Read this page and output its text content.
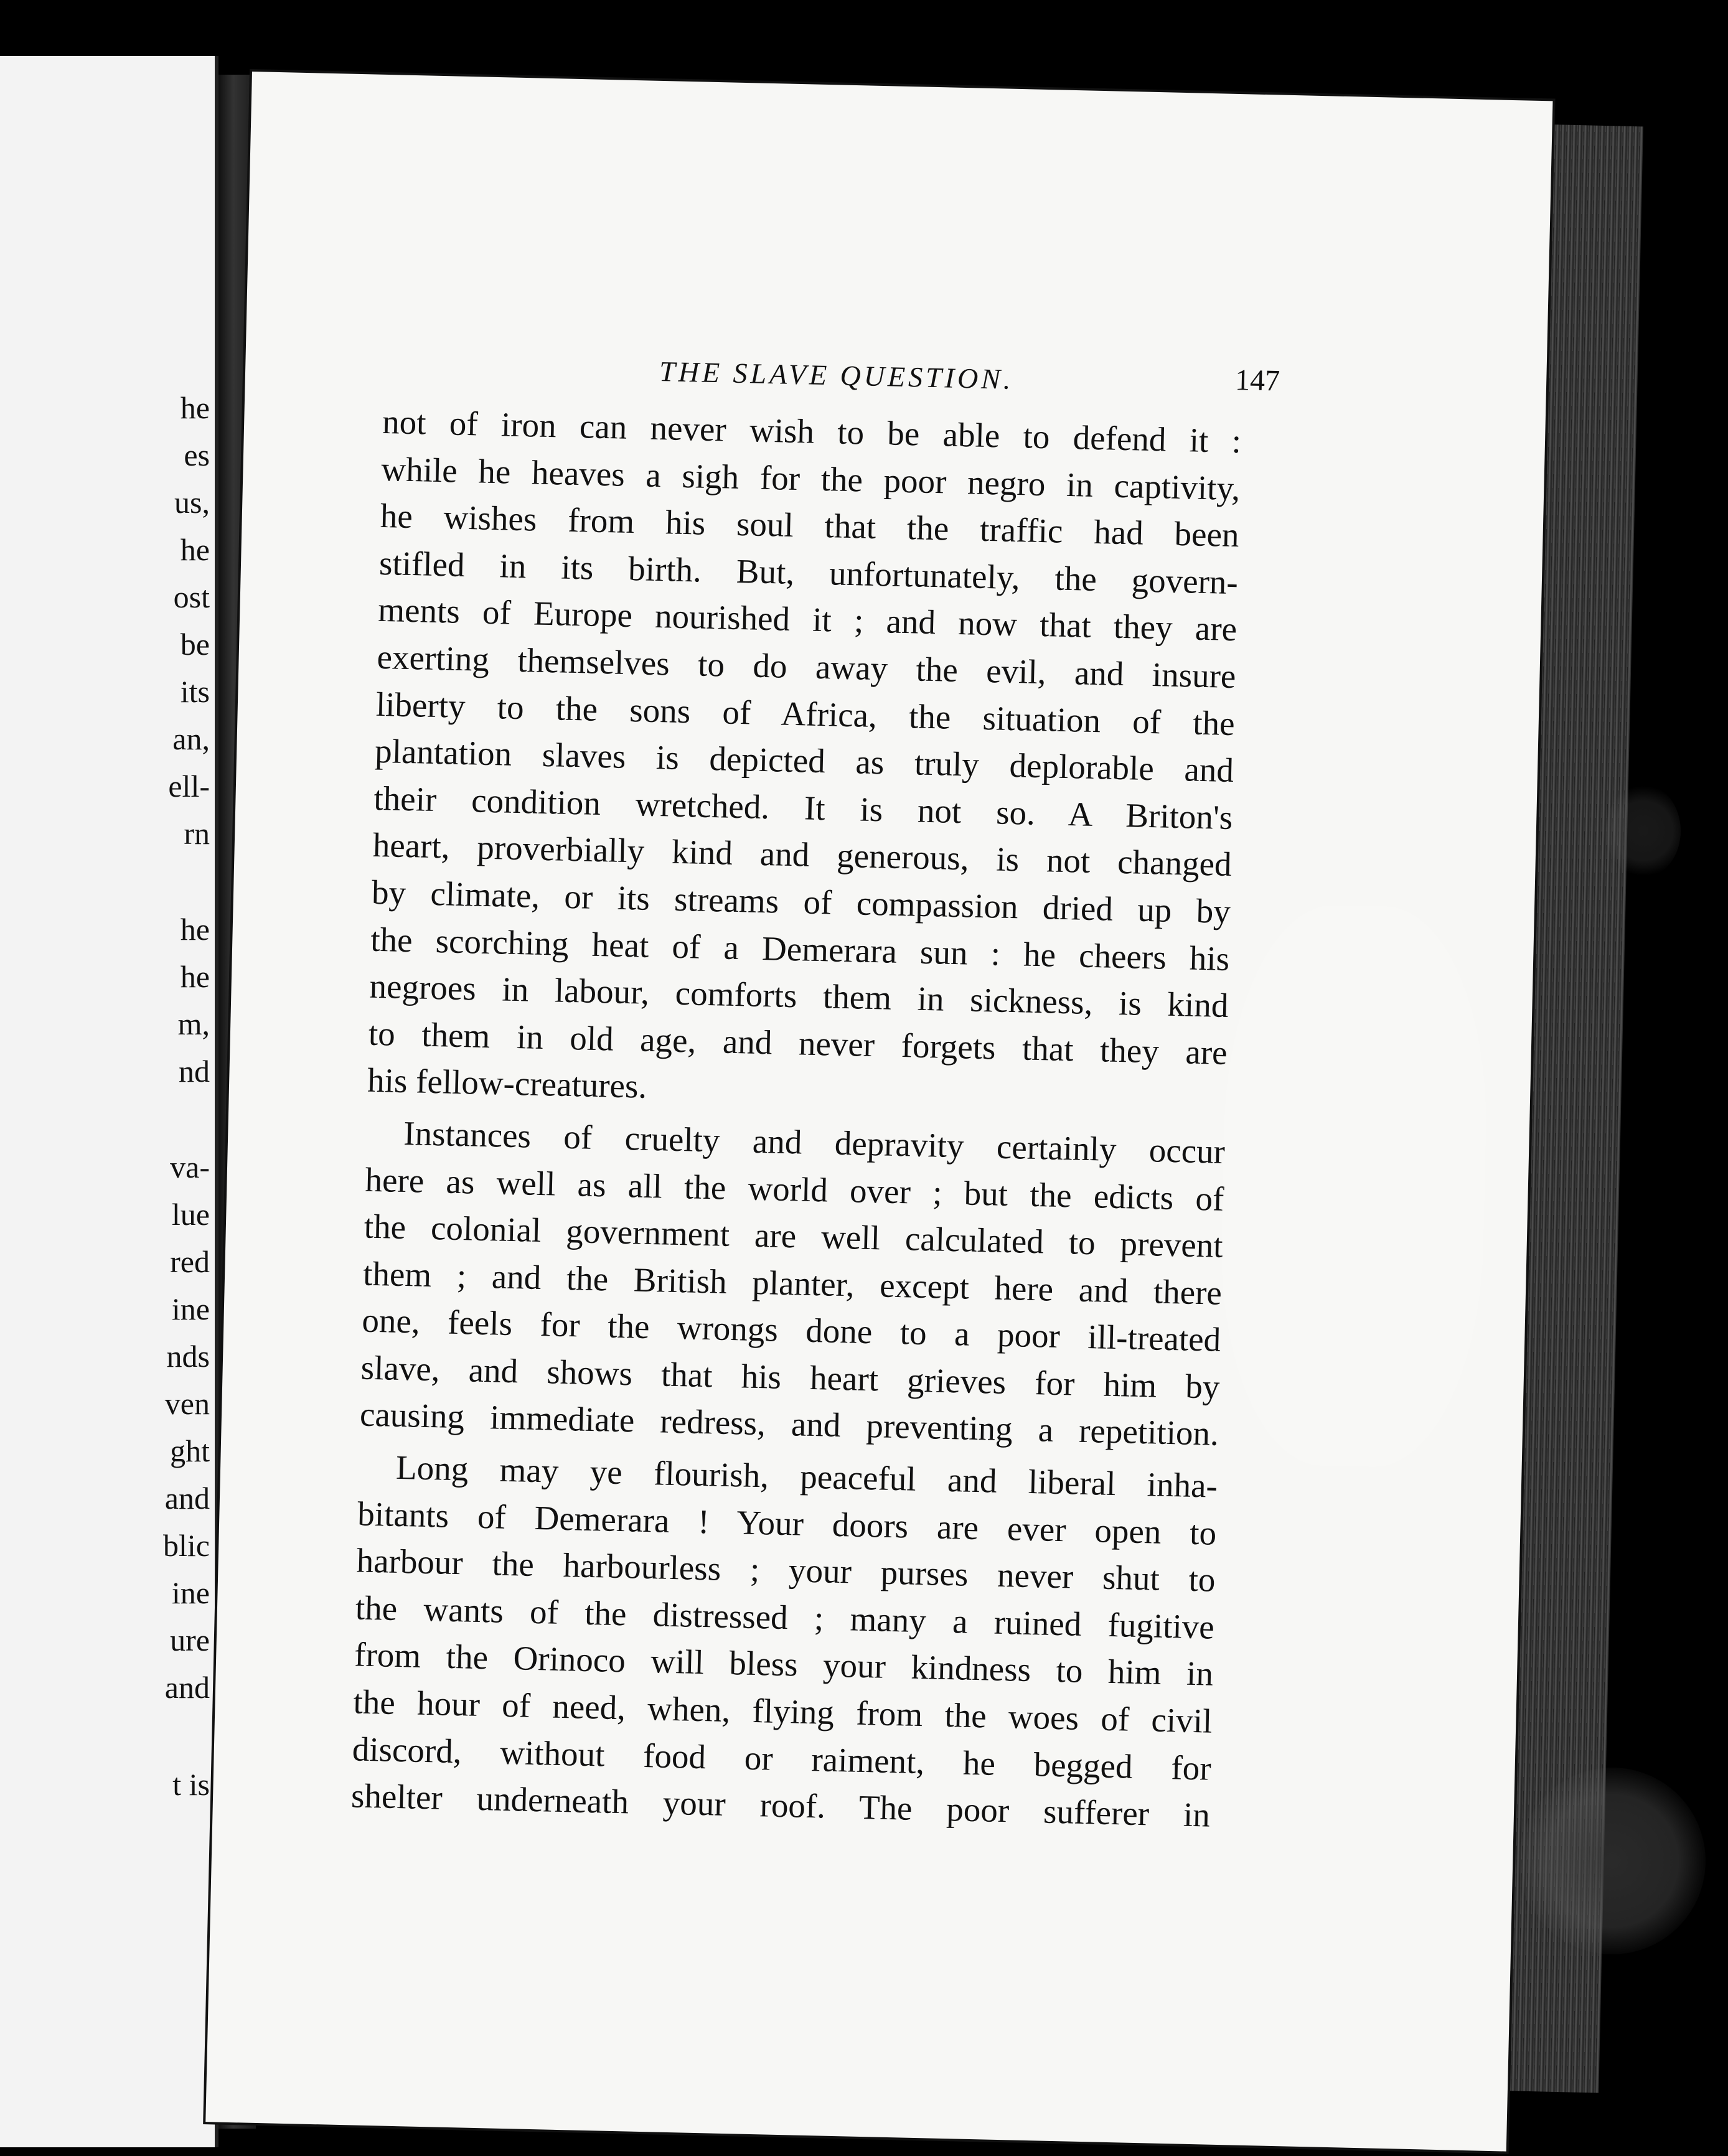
he
es
us,
he
ost
be
its
an,
ell-
rn
he
he
m,
nd
va-
lue
red
ine
nds
ven
ght
and
blic
ine
ure
and
t is
THE SLAVE QUESTION.	147
not of iron can never wish to be able to defend it :
while he heaves a sigh for the poor negro in captivity,
he wishes from his soul that the traffic had been
stifled in its birth. But, unfortunately, the govern-
ments of Europe nourished it ; and now that they are
exerting themselves to do away the evil, and insure
liberty to the sons of Africa, the situation of the
plantation slaves is depicted as truly deplorable and
their condition wretched. It is not so. A Briton's
heart, proverbially kind and generous, is not changed
by climate, or its streams of compassion dried up by
the scorching heat of a Demerara sun : he cheers his
negroes in labour, comforts them in sickness, is kind
to them in old age, and never forgets that they are
his fellow-creatures.
Instances of cruelty and depravity certainly occur
here as well as all the world over ; but the edicts of
the colonial government are well calculated to prevent
them ; and the British planter, except here and there
one, feels for the wrongs done to a poor ill-treated
slave, and shows that his heart grieves for him by
causing immediate redress, and preventing a repetition.
Long may ye flourish, peaceful and liberal inha-
bitants of Demerara ! Your doors are ever open to
harbour the harbourless ; your purses never shut to
the wants of the distressed ; many a ruined fugitive
from the Orinoco will bless your kindness to him in
the hour of need, when, flying from the woes of civil
discord, without food or raiment, he begged for
shelter underneath your roof. The poor sufferer in
